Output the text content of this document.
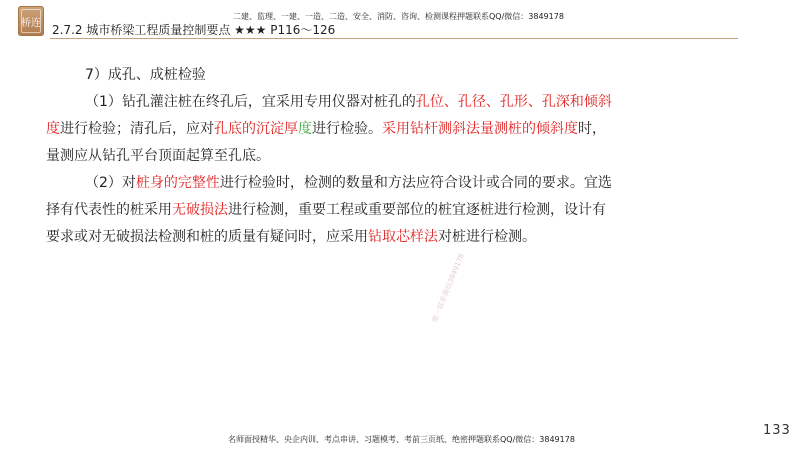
桥连
二建、监理、一建、一造、二造、安全、消防、咨询、检测课程押题联系QQ/微信：3849178
2.7.2 城市桥梁工程质量控制要点 ★★★ P116～126

7）成孔、成桩检验

（1）钻孔灌注桩在终孔后，宜采用专用仪器对桩孔的孔位、孔径、孔形、孔深和倾斜度进行检验；清孔后，应对孔底的沉淀厚度进行检验。采用钻杆测斜法量测桩的倾斜度时，量测应从钻孔平台顶面起算至孔底。

（2）对桩身的完整性进行检验时，检测的数量和方法应符合设计或合同的要求。宜选择有代表性的桩采用无破损法进行检测，重要工程或重要部位的桩宜逐桩进行检测，设计有要求或对无破损法检测和桩的质量有疑问时，应采用钻取芯样法对桩进行检测。

唯一联系微信3849178
133
名师面授精华、央企内训、考点串讲、习题模考、考前三页纸、绝密押题联系QQ/微信：3849178
